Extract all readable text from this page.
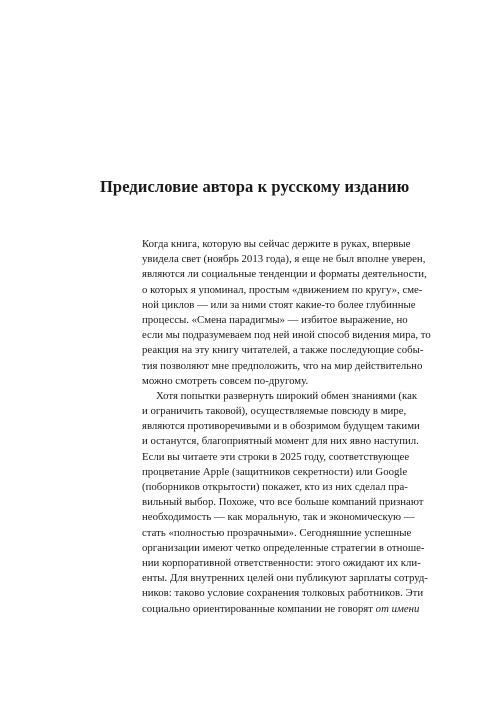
Предисловие автора к русскому изданию
Когда книга, которую вы сейчас держите в руках, впервые
увидела свет (ноябрь 2013 года), я еще не был вполне уверен,
являются ли социальные тенденции и форматы деятельности,
о которых я упоминал, простым «движением по кругу», сме-
ной циклов — или за ними стоят какие-то более глубинные
процессы. «Смена парадигмы» — избитое выражение, но
если мы подразумеваем под ней иной способ видения мира, то
реакция на эту книгу читателей, а также последующие собы-
тия позволяют мне предположить, что на мир действительно
можно смотреть совсем по-другому.
Хотя попытки развернуть широкий обмен знаниями (как
и ограничить таковой), осуществляемые повсюду в мире,
являются противоречивыми и в обозримом будущем такими
и останутся, благоприятный момент для них явно наступил.
Если вы читаете эти строки в 2025 году, соответствующее
процветание Apple (защитников секретности) или Google
(поборников открытости) покажет, кто из них сделал пра-
вильный выбор. Похоже, что все больше компаний признают
необходимость — как моральную, так и экономическую —
стать «полностью прозрачными». Сегодняшние успешные
организации имеют четко определенные стратегии в отноше-
нии корпоративной ответственности: этого ожидают их кли-
енты. Для внутренних целей они публикуют зарплаты сотруд-
ников: таково условие сохранения толковых работников. Эти
социально ориентированные компании не говорят от имени
